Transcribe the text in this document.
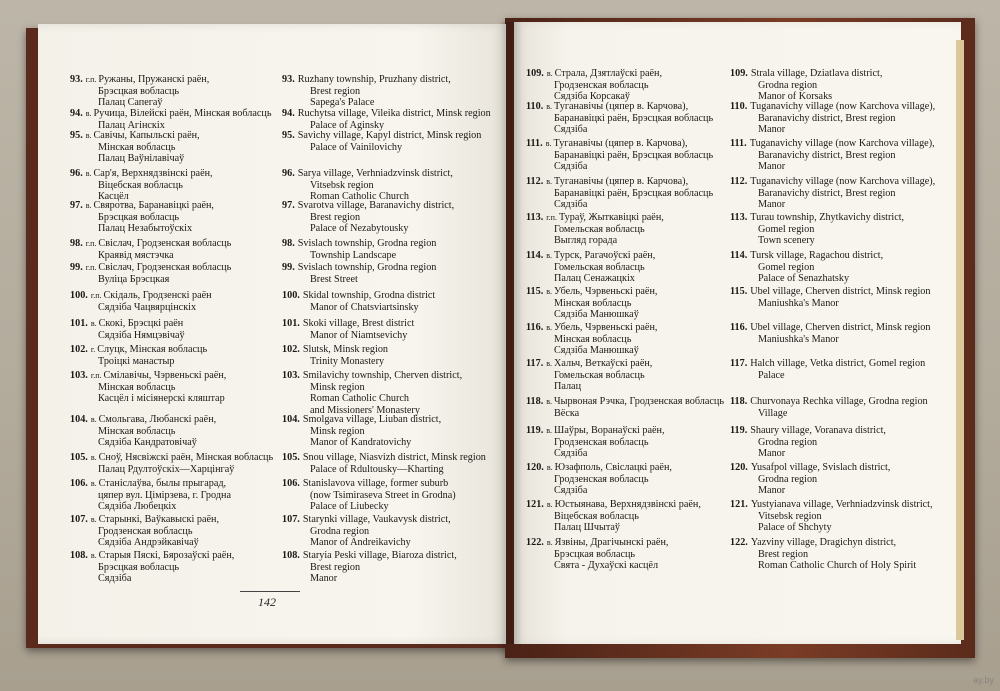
93. г.п. Ружаны, Пружанскі раён,
Брэсцкая вобласць
Палац Сапегаў
94. в. Ручица, Вілейскі раён, Мінская вобласць
Палац Агінскіх
95. в. Савічы, Капыльскі раён,
Мінская вобласць
Палац Ваўнілавічаў
96. в. Сар'я, Верхнядзвінскі раён,
Віцебская вобласць
Касцёл
97. в. Свяротва, Баранавіцкі раён,
Брэсцкая вобласць
Палац Незабытоўскіх
98. г.п. Свіслач, Гродзенская вобласць
Краявід мястэчка
99. г.п. Свіслач, Гродзенская вобласць
Вуліца Брэсцкая
100. г.п. Скідаль, Гродзенскі раён
Сядзіба Чацвярцінскіх
101. в. Скокі, Брэсцкі раён
Сядзіба Нямцэвічаў
102. г. Слуцк, Мінская вобласць
Троіцкі манастыр
103. г.п. Смілавічы, Чэрвеньскі раён,
Мінская вобласць
Касцёл і місіянерскі кляштар
104. в. Смольгава, Любанскі раён,
Мінская вобласць
Сядзіба Кандратовічаў
105. в. Сноў, Нясвіжскі раён, Мінская вобласць
Палац Рдултоўскіх—Харцінгаў
106. в. Станіслаўва, былы прыгарад,
цяпер вул. Цімірзева, г. Гродна
Сядзіба Любецкіх
107. в. Старынкі, Ваўкавыскі раён,
Гродзенская вобласць
Сядзіба Андрэйкавічаў
108. в. Старыя Пяскі, Бярозаўскі раён,
Брэсцкая вобласць
Сядзіба
93. Ruzhany township, Pruzhany district,
Brest region
Sapega's Palace
94. Ruchytsa village, Vileika district, Minsk region
Palace of Aginsky
95. Savichy village, Kapyl district, Minsk region
Palace of Vainilovichy
96. Sarya village, Verhniadzvinsk district,
Vitsebsk region
Roman Catholic Church
97. Svarotva village, Baranavichy district,
Brest region
Palace of Nezabytousky
98. Svislach township, Grodna region
Township Landscape
99. Svislach township, Grodna region
Brest Street
100. Skidal township, Grodna district
Manor of Chatsviartsinsky
101. Skoki village, Brest district
Manor of Niamtsevichy
102. Slutsk, Minsk region
Trinity Monastery
103. Smilavichy township, Cherven district,
Minsk region
Roman Catholic Church
and Missioners' Monastery
104. Smolgava village, Liuban district,
Minsk region
Manor of Kandratovichy
105. Snou village, Niasvizh district, Minsk region
Palace of Rdultousky—Kharting
106. Stanislavova village, former suburb
(now Tsimiraseva Street in Grodna)
Palace of Liubecky
107. Starynki village, Vaukavysk district,
Grodna region
Manor of Andreikavichy
108. Staryia Peski village, Biaroza district,
Brest region
Manor
109. в. Страла, Дзятлаўскі раён,
Гродзенская вобласць
Сядзіба Корсакаў
110. в. Туганавічы (цяпер в. Карчова),
Баранавіцкі раён, Брэсцкая вобласць
Сядзіба
111. в. Туганавічы (цяпер в. Карчова),
Баранавіцкі раён, Брэсцкая вобласць
Сядзіба
112. в. Туганавічы (цяпер в. Карчова),
Баранавіцкі раён, Брэсцкая вобласць
Сядзіба
113. г.п. Тураў, Жыткавіцкі раён,
Гомельская вобласць
Выгляд горада
114. в. Турск, Рагачоўскі раён,
Гомельская вобласць
Палац Сенажацкіх
115. в. Убель, Чэрвеньскі раён,
Мінская вобласць
Сядзіба Манюшкаў
116. в. Убель, Чэрвеньскі раён,
Мінская вобласць
Сядзіба Манюшкаў
117. в. Хальч, Веткаўскі раён,
Гомельская вобласць
Палац
118. в. Чырвоная Рэчка, Гродзенская вобласць
Вёска
119. в. Шаўры, Воранаўскі раён,
Гродзенская вобласць
Сядзіба
120. в. Юзафполь, Свіслацкі раён,
Гродзенская вобласць
Сядзіба
121. в. Юстыянава, Верхнядзвінскі раён,
Віцебская вобласць
Палац Шчытаў
122. в. Язвіны, Драгічынскі раён,
Брэсцкая вобласць
Свята - Духаўскі касцёл
109. Strala village, Dziatlava district,
Grodna region
Manor of Korsaks
110. Tuganavichy village (now Karchova village),
Baranavichy district, Brest region
Manor
111. Tuganavichy village (now Karchova village),
Baranavichy district, Brest region
Manor
112. Tuganavichy village (now Karchova village),
Baranavichy district, Brest region
Manor
113. Turau township, Zhytkavichy district,
Gomel region
Town scenery
114. Tursk village, Ragachou district,
Gomel region
Palace of Senazhatsky
115. Ubel village, Cherven district, Minsk region
Maniushka's Manor
116. Ubel village, Cherven district, Minsk region
Maniushka's Manor
117. Halch village, Vetka district, Gomel region
Palace
118. Churvonaya Rechka village, Grodna region
Village
119. Shaury village, Voranava district,
Grodna region
Manor
120. Yusafpol village, Svislach district,
Grodna region
Manor
121. Yustyianava village, Verhniadzvinsk district,
Vitsebsk region
Palace of Shchyty
122. Yazviny village, Dragichyn district,
Brest region
Roman Catholic Church of Holy Spirit
142
ay.by
